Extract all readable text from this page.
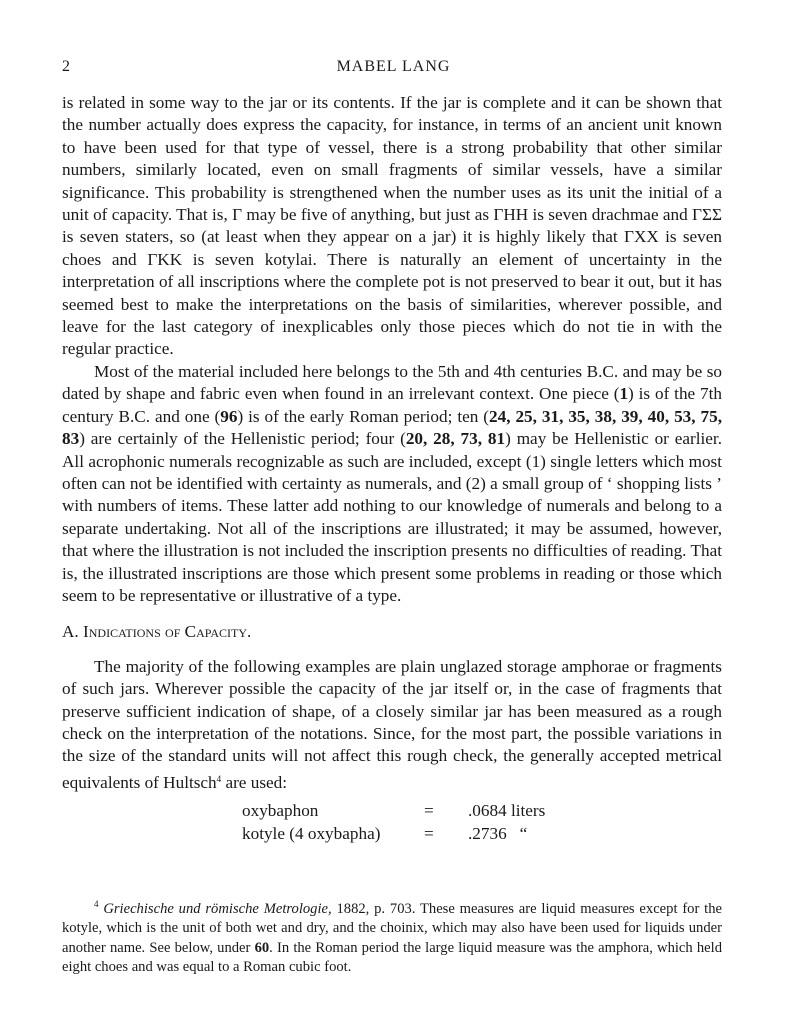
2	MABEL LANG

is related in some way to the jar or its contents. If the jar is complete and it can be shown that the number actually does express the capacity, for instance, in terms of an ancient unit known to have been used for that type of vessel, there is a strong probability that other similar numbers, similarly located, even on small fragments of similar vessels, have a similar significance. This probability is strengthened when the number uses as its unit the initial of a unit of capacity. That is, Γ may be five of anything, but just as ΓΗΗ is seven drachmae and ΓΣΣ is seven staters, so (at least when they appear on a jar) it is highly likely that ΓXX is seven choes and ΓKK is seven kotylai. There is naturally an element of uncertainty in the interpretation of all inscriptions where the complete pot is not preserved to bear it out, but it has seemed best to make the interpretations on the basis of similarities, wherever possible, and leave for the last category of inexplicables only those pieces which do not tie in with the regular practice.

Most of the material included here belongs to the 5th and 4th centuries B.C. and may be so dated by shape and fabric even when found in an irrelevant context. One piece (1) is of the 7th century B.C. and one (96) is of the early Roman period; ten (24, 25, 31, 35, 38, 39, 40, 53, 75, 83) are certainly of the Hellenistic period; four (20, 28, 73, 81) may be Hellenistic or earlier. All acrophonic numerals recognizable as such are included, except (1) single letters which most often can not be identified with certainty as numerals, and (2) a small group of ‘ shopping lists ’ with numbers of items. These latter add nothing to our knowledge of numerals and belong to a separate undertaking. Not all of the inscriptions are illustrated; it may be assumed, however, that where the illustration is not included the inscription presents no difficulties of reading. That is, the illustrated inscriptions are those which present some problems in reading or those which seem to be representative or illustrative of a type.

A. Indications of Capacity.

The majority of the following examples are plain unglazed storage amphorae or fragments of such jars. Wherever possible the capacity of the jar itself or, in the case of fragments that preserve sufficient indication of shape, of a closely similar jar has been measured as a rough check on the interpretation of the notations. Since, for the most part, the possible variations in the size of the standard units will not affect this rough check, the generally accepted metrical equivalents of Hultsch$^4$ are used:

oxybaphon	=	.0684 liters
kotyle (4 oxybapha)	=	.2736   “

$^4$ Griechische und römische Metrologie, 1882, p. 703. These measures are liquid measures except for the kotyle, which is the unit of both wet and dry, and the choinix, which may also have been used for liquids under another name. See below, under 60. In the Roman period the large liquid measure was the amphora, which held eight choes and was equal to a Roman cubic foot.
